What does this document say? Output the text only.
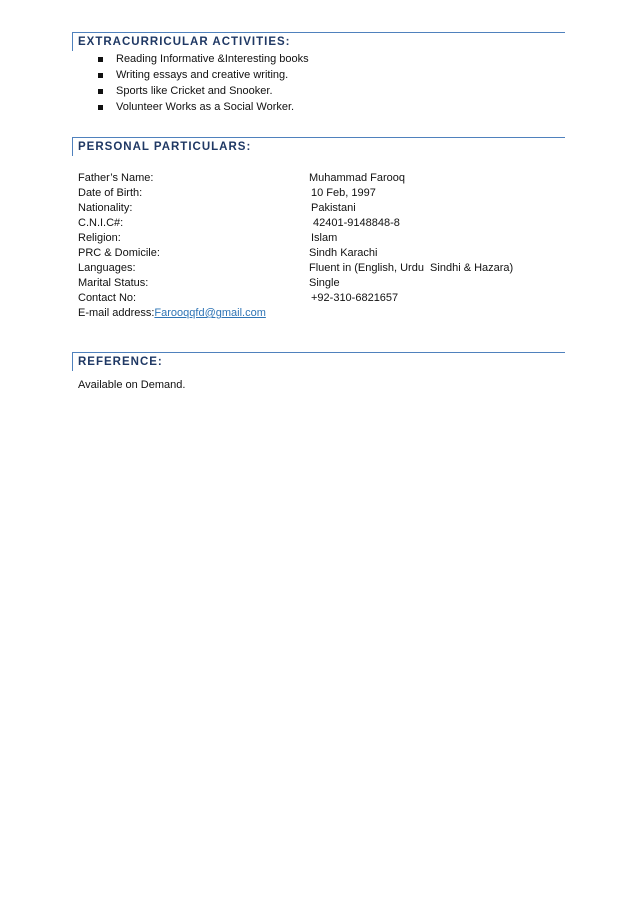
EXTRACURRICULAR ACTIVITIES:
Reading Informative &Interesting books
Writing essays and creative writing.
Sports like Cricket and Snooker.
Volunteer Works as a Social Worker.
PERSONAL PARTICULARS:
Father’s Name:	Muhammad Farooq
Date of Birth:	10 Feb, 1997
Nationality:	Pakistani
C.N.I.C#:	42401-9148848-8
Religion:	Islam
PRC & Domicile:	Sindh Karachi
Languages:	Fluent in (English, Urdu  Sindhi & Hazara)
Marital Status:	Single
Contact No:	+92-310-6821657
E-mail address:Farooqqfd@gmail.com
REFERENCE:
Available on Demand.
